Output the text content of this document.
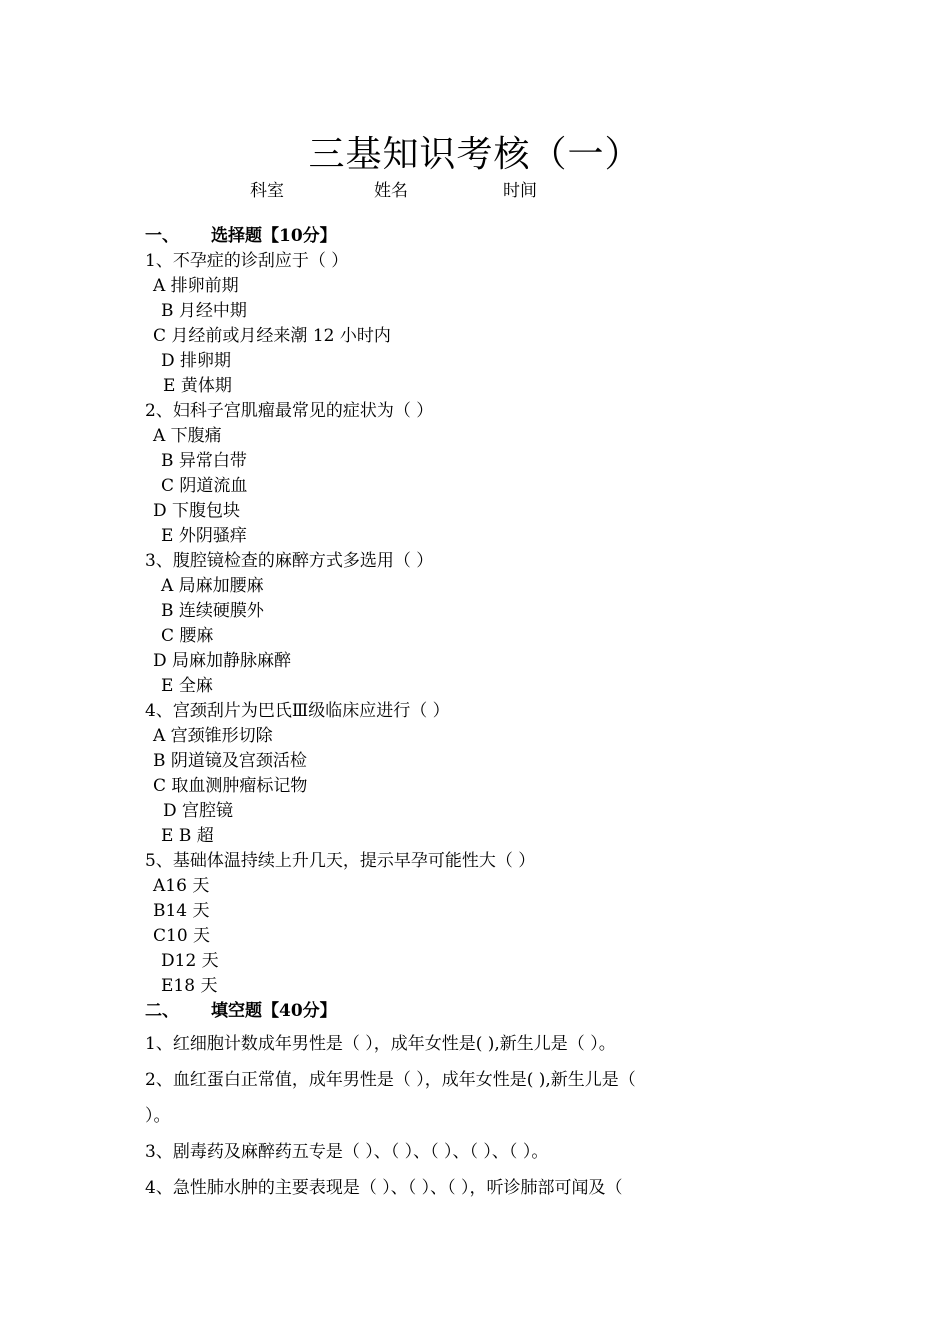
三基知识考核（一）
科室	姓名	时间
一、 选择题【10分】
1、不孕症的诊刮应于（ ）
A 排卵前期
B 月经中期
C 月经前或月经来潮 12 小时内
D 排卵期
E 黄体期
2、妇科子宫肌瘤最常见的症状为（ ）
A 下腹痛
B 异常白带
C 阴道流血
D 下腹包块
E 外阴骚痒
3、腹腔镜检查的麻醉方式多选用（ ）
A 局麻加腰麻
B 连续硬膜外
C 腰麻
D 局麻加静脉麻醉
E 全麻
4、宫颈刮片为巴氏Ⅲ级临床应进行（ ）
A 宫颈锥形切除
B 阴道镜及宫颈活检
C 取血测肿瘤标记物
D 宫腔镜
E B 超
5、基础体温持续上升几天，提示早孕可能性大（ ）
A16 天
B14 天
C10 天
D12 天
E18 天
二、 填空题【40分】
1、红细胞计数成年男性是（ ），成年女性是( ),新生儿是（ ）。
2、血红蛋白正常值，成年男性是（ ），成年女性是( ),新生儿是（
）。
3、剧毒药及麻醉药五专是（ ）、（ ）、（ ）、（ ）、（ ）。
4、急性肺水肿的主要表现是（ ）、（ ）、（ ），听诊肺部可闻及（
